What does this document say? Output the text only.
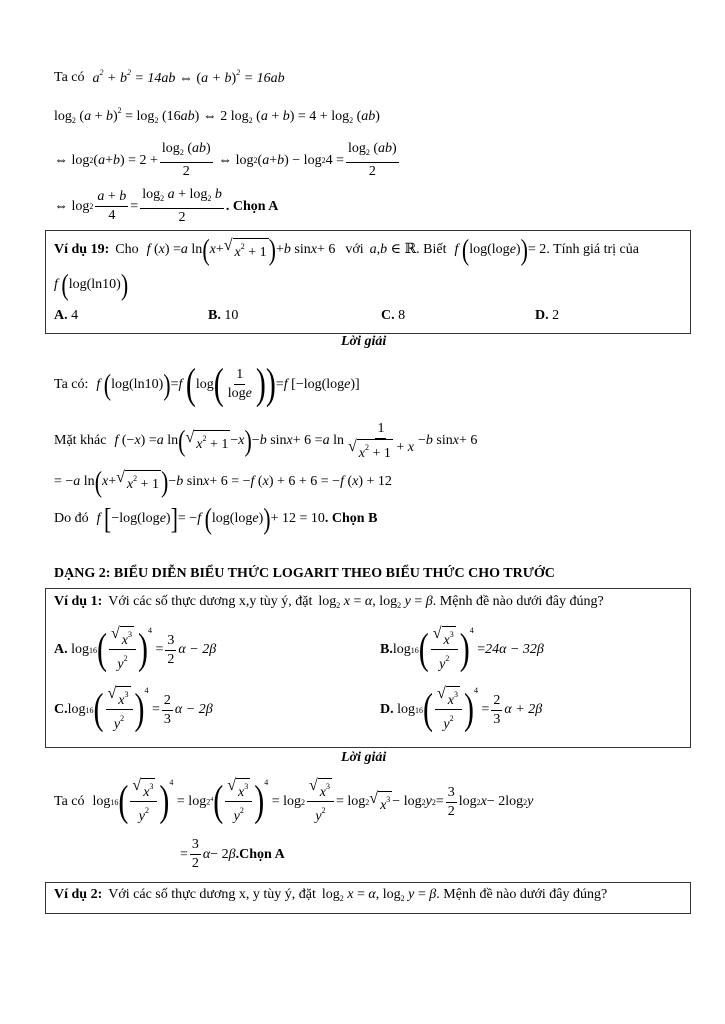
Ta có $a^2 + b^2 = 14ab$ ⇔ $(a + b)^2 = 16ab$
$\log_2 (a + b)^2 = \log_2 (16ab)$ ⇔ 2 $\log_2 (a + b) = 4 + \log_2 (ab)$
⇔ log 2 ( a + b ) = $2 + \frac{\log_2 (ab)}{2}$ ⇔ log 2 ( a + b ) − log 2 $4 = \frac{\log_2 (ab)}{2}$
⇔ $\log 2 \frac{a + b}{4} = \frac{\log_2 a + \log_2 b}{2}$ . Chọn A
Ví dụ 19: Cho f ( x ) = a ln ( x + √ $x^2 + 1$ ) + b sin x + 6 với a ,b ∈ ℝ . Biết f
( log(log e ) ) = 2 . Tính giá trị của
f
( log(ln10) )
A. 4	B. 10	C. 8	D. 2
Lời giải
Ta có: f
( log(ln10) ) = f
( log ( $\frac{1}{\log e}$ ) ) = f [−log(log e )]
Mặt khác f (− x ) = a ln ( √ $x^2 + 1 - x$ ) − b sin x + 6 = a $\ln \frac{1}{√ x^2 + 1 + x} - b$ sin x + 6
= − a ln ( x + √ $x^2 + 1$ ) − b sin x + 6 = − f ( x ) + 6 + 6 = − f ( x ) + 12
Do đó f
[ −log(log e ) ] = − f
( log(log e ) ) + 12 = 10 . Chọn B
DẠNG 2: BIỂU DIỄN BIỂU THỨC LOGARIT THEO BIỂU THỨC CHO TRƯỚC
Ví dụ 1: Với các số thực dương x,y tùy ý, đặt $\log_2 x = \alpha$, $\log_2 y = \beta$ . Mệnh đề nào dưới đây đúng?
A.
log 16 ( $\frac{√ x^3}{y^2}$ ) 4
= $\frac{3}{2}$ α − 2β	B. log 16 ( $\frac{√ x^3}{y^2}$ ) 4
= 24α − 32β
C. log 16 ( $\frac{√ x^3}{y^2}$ ) 4
= $\frac{2}{3}$ α − 2β	D.
log 16 ( $\frac{√ x^3}{y^2}$ ) 4
= $\frac{2}{3}$ α + 2β
Lời giải
Ta có log 16 ( $\frac{√ x^3}{y^2}$ ) 4
= $\log 2^4$ ( $\frac{√ x^3}{y^2}$ ) 4
= $\log 2 \frac{√ x^3}{y^2} = \log 2$ √ $x^3 - \log 2$ y $2 = \frac{3}{2}$ log 2 x − 2log 2 y
= $\frac{3}{2}$ α − 2 β .Chọn A
Ví dụ 2: Với các số thực dương x, y tùy ý, đặt $\log_2 x = \alpha$, $\log_2 y = \beta$ . Mệnh đề nào dưới đây đúng?
